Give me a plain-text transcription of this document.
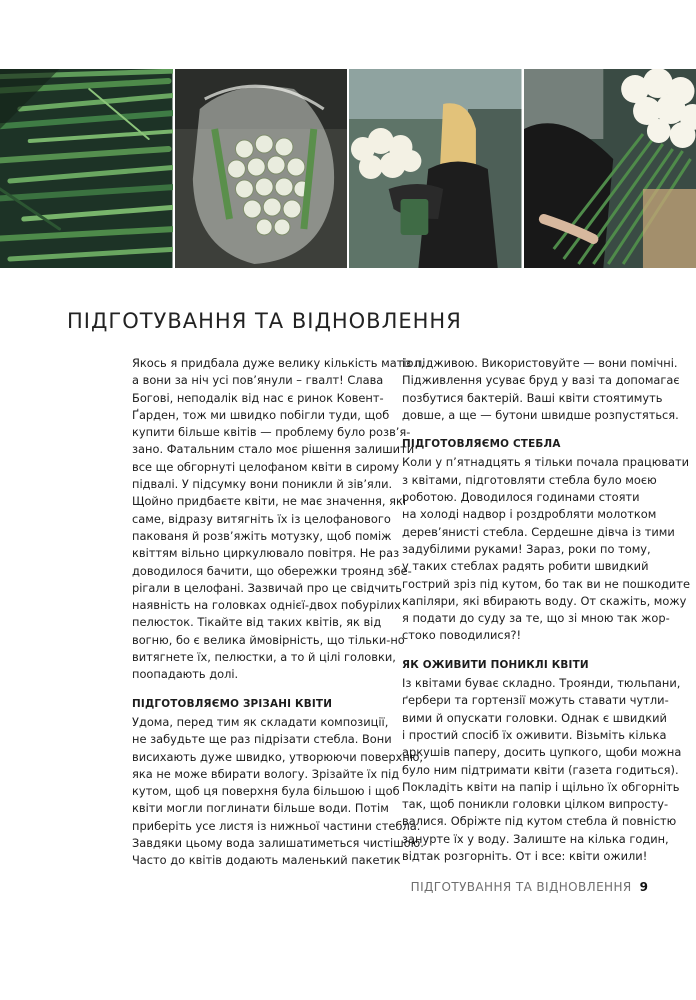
ПІДГОТУВАННЯ ТА ВІДНОВЛЕННЯ
Якось я придбала дуже велику кількість матіол,
а вони за ніч усі пов’янули – гвалт! Слава
Богові, неподалік від нас є ринок Ковент-
Ґарден, тож ми швидко побігли туди, щоб
купити більше квітів — проблему було розв’я-
зано. Фатальним стало моє рішення залишити
все ще обгорнуті целофаном квіти в сирому
підвалі. У підсумку вони поникли й зів’яли.
Щойно придбаєте квіти, не має значення, які
саме, відразу витягніть їх із целофанового
пакованя й розв’яжіть мотузку, щоб поміж
квіттям вільно циркулювало повітря. Не раз
доводилося бачити, що обережки троянд збе-
рігали в целофані. Зазвичай про це свідчить
наявність на головках однієї-двох побурілих
пелюсток. Тікайте від таких квітів, як від
вогню, бо є велика ймовірність, що тільки-но
витягнете їх, пелюстки, а то й цілі головки,
поопадають долі.
ПІДГОТОВЛЯЄМО ЗРІЗАНІ КВІТИ
Удома, перед тим як складати композиції,
не забудьте ще раз підрізати стебла. Вони
висихають дуже швидко, утворюючи поверхню,
яка не може вбирати вологу. Зрізайте їх під
кутом, щоб ця поверхня була більшою і щоб
квіти могли поглинати більше води. Потім
приберіть усе листя із нижньої частини стебла.
Завдяки цьому вода залишатиметься чистішою.
Часто до квітів додають маленький пакетик
із підживою. Використовуйте — вони помічні.
Підживлення усуває бруд у вазі та допомагає
позбутися бактерій. Ваші квіти стоятимуть
довше, а ще — бутони швидше розпустяться.
ПІДГОТОВЛЯЄМО СТЕБЛА
Коли у п’ятнадцять я тільки почала працювати
з квітами, підготовляти стебла було моєю
роботою. Доводилося годинами стояти
на холоді надвор і роздробляти молотком
дерев’янисті стебла. Сердешне дівча із тими
задубілими руками! Зараз, роки по тому,
у таких стеблах радять робити швидкий
гострий зріз під кутом, бо так ви не пошкодите
капіляри, які вбирають воду. От скажіть, можу
я подати до суду за те, що зі мною так жор-
стоко поводилися?!
ЯК ОЖИВИТИ ПОНИКЛІ КВІТИ
Із квітами буває складно. Троянди, тюльпани,
ґербери та гортензії можуть ставати чутли-
вими й опускати головки. Однак є швидкий
і простий спосіб їх оживити. Візьміть кілька
аркушів паперу, досить цупкого, щоби можна
було ним підтримати квіти (газета годиться).
Покладіть квіти на папір і щільно їх обгорніть
так, щоб поникли головки цілком випросту-
валися. Обріжте під кутом стебла й повністю
занурте їх у воду. Залиште на кілька годин,
відтак розгорніть. От і все: квіти ожили!
ПІДГОТУВАННЯ ТА ВІДНОВЛЕННЯ 9
